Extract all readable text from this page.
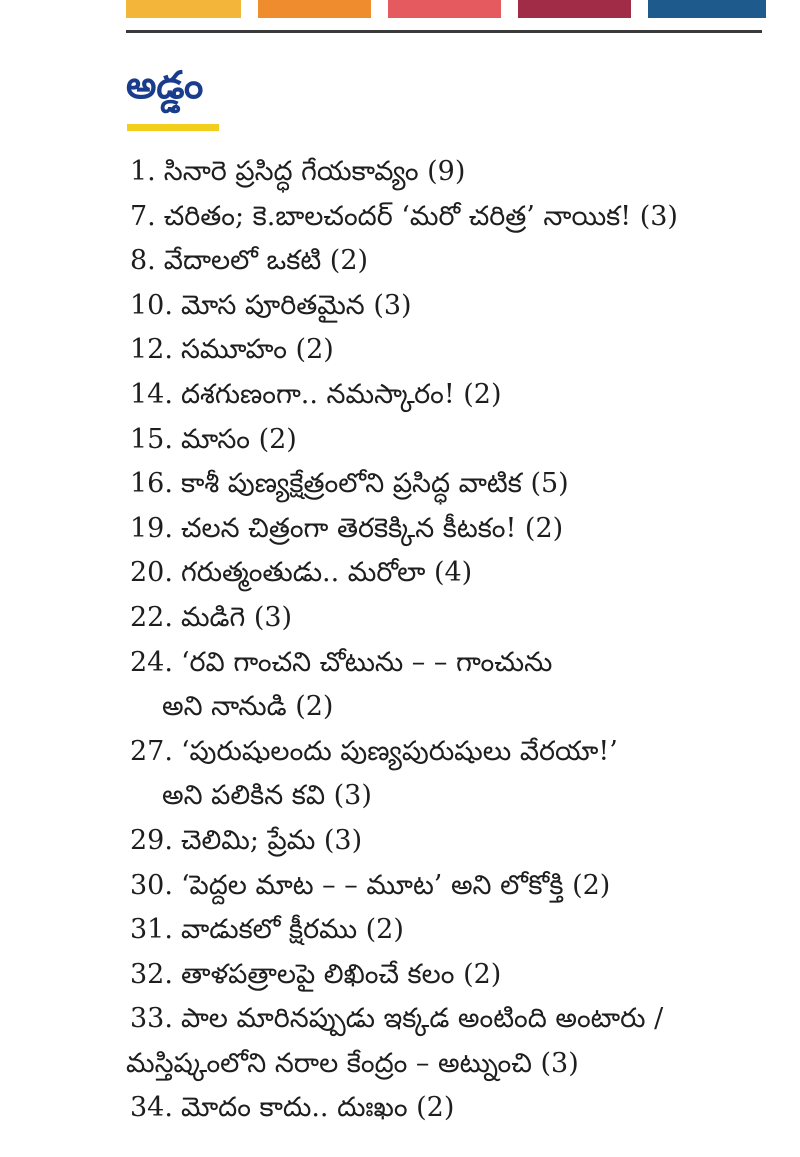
అడ్డం
1. సినారె ప్రసిద్ధ గేయకావ్యం (9)
7. చరితం; కె.బాలచందర్ ‘మరో చరిత్ర’ నాయిక! (3)
8. వేదాలలో ఒకటి (2)
10. మోస పూరితమైన (3)
12. సమూహం (2)
14. దశగుణంగా.. నమస్కారం! (2)
15. మాసం (2)
16. కాశీ పుణ్యక్షేత్రంలోని ప్రసిద్ధ వాటిక (5)
19. చలన చిత్రంగా తెరకెక్కిన కీటకం! (2)
20. గరుత్మంతుడు.. మరోలా (4)
22. మడిగె (3)
24. ‘రవి గాంచని చోటును – – గాంచును
అని నానుడి (2)
27. ‘పురుషులందు పుణ్యపురుషులు వేరయా!’
అని పలికిన కవి (3)
29. చెలిమి; ప్రేమ (3)
30. ‘పెద్దల మాట – – మూట’ అని లోకోక్తి (2)
31. వాడుకలో క్షీరము (2)
32. తాళపత్రాలపై లిఖించే కలం (2)
33. పాల మారినప్పుడు ఇక్కడ అంటింది అంటారు /
మస్తిష్కంలోని నరాల కేంద్రం – అట్నుంచి (3)
34. మోదం కాదు.. దుఃఖం (2)
